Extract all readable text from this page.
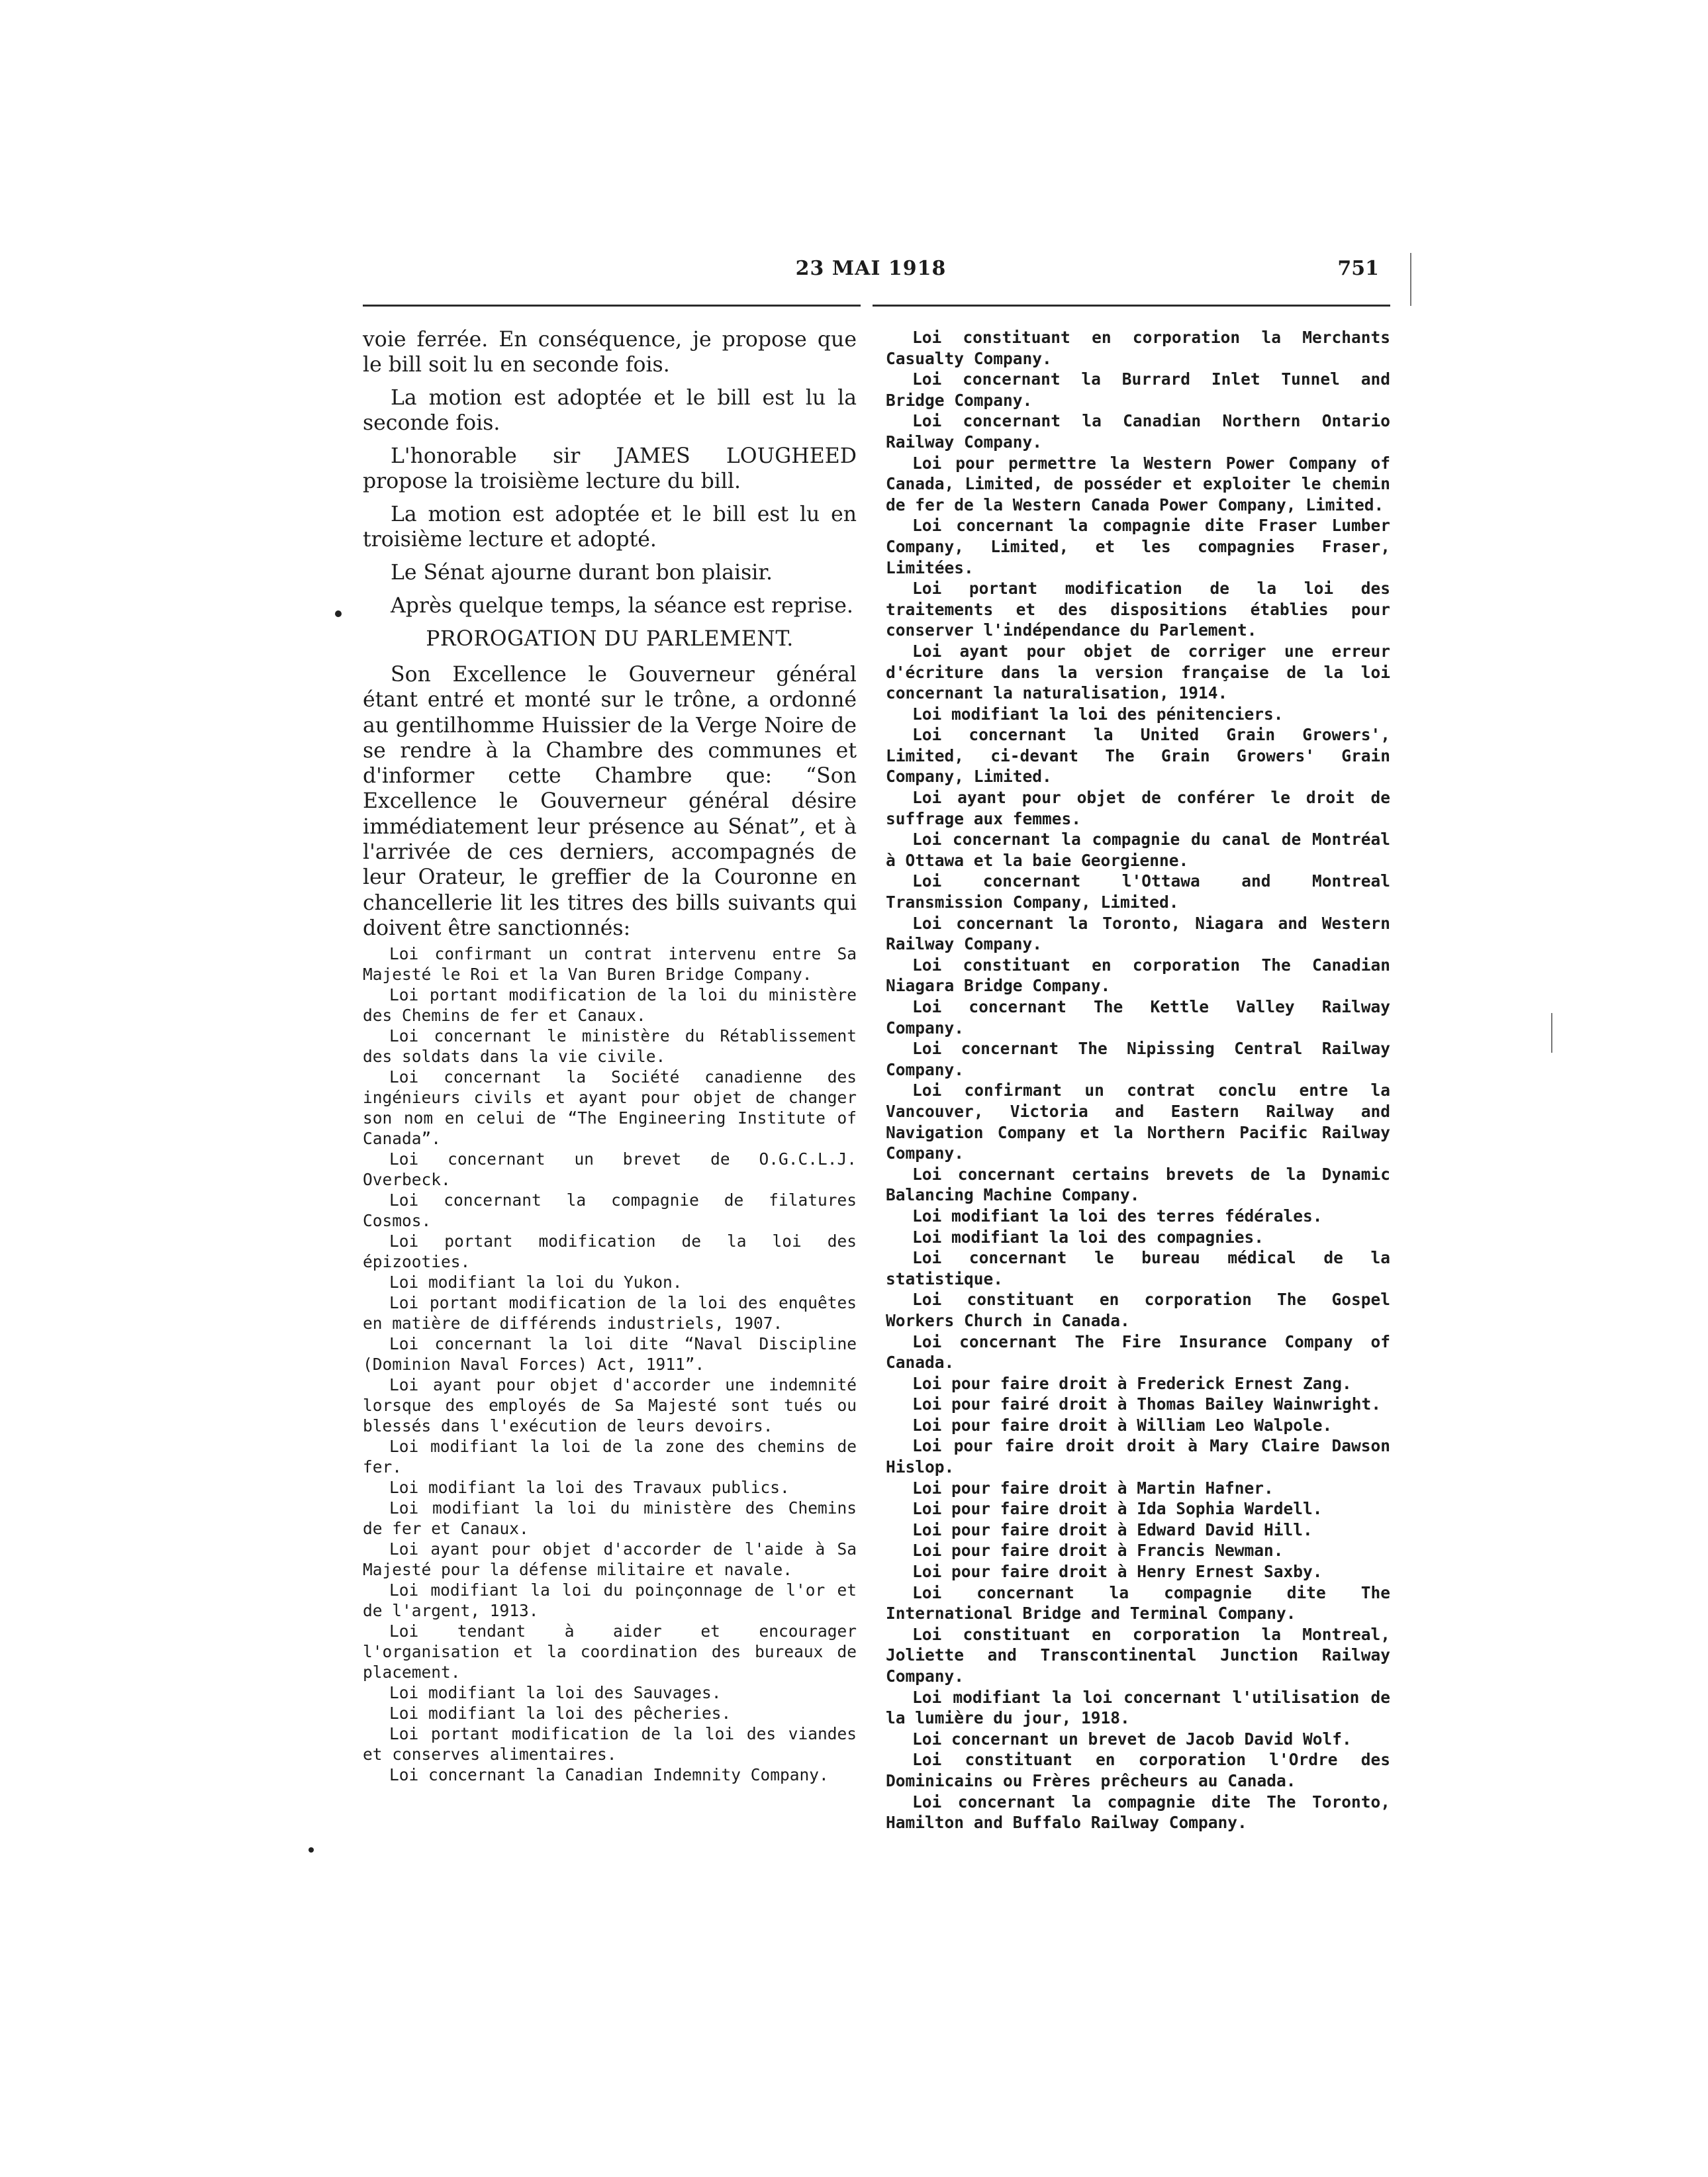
23 MAI 1918	751

voie ferrée. En conséquence, je propose que le bill soit lu en seconde fois.

La motion est adoptée et le bill est lu la seconde fois.

L'honorable sir JAMES LOUGHEED propose la troisième lecture du bill.

La motion est adoptée et le bill est lu en troisième lecture et adopté.

Le Sénat ajourne durant bon plaisir.

Après quelque temps, la séance est reprise.

PROROGATION DU PARLEMENT.

Son Excellence le Gouverneur général étant entré et monté sur le trône, a ordonné au gentilhomme Huissier de la Verge Noire de se rendre à la Chambre des communes et d'informer cette Chambre que: “Son Excellence le Gouverneur général désire immédiatement leur présence au Sénat”, et à l'arrivée de ces derniers, accompagnés de leur Orateur, le greffier de la Couronne en chancellerie lit les titres des bills suivants qui doivent être sanctionnés:

Loi confirmant un contrat intervenu entre Sa Majesté le Roi et la Van Buren Bridge Company.

Loi portant modification de la loi du ministère des Chemins de fer et Canaux.

Loi concernant le ministère du Rétablissement des soldats dans la vie civile.

Loi concernant la Société canadienne des ingénieurs civils et ayant pour objet de changer son nom en celui de “The Engineering Institute of Canada”.

Loi concernant un brevet de O.G.C.L.J. Overbeck.

Loi concernant la compagnie de filatures Cosmos.

Loi portant modification de la loi des épizooties.

Loi modifiant la loi du Yukon.

Loi portant modification de la loi des enquêtes en matière de différends industriels, 1907.

Loi concernant la loi dite “Naval Discipline (Dominion Naval Forces) Act, 1911”.

Loi ayant pour objet d'accorder une indemnité lorsque des employés de Sa Majesté sont tués ou blessés dans l'exécution de leurs devoirs.

Loi modifiant la loi de la zone des chemins de fer.

Loi modifiant la loi des Travaux publics.

Loi modifiant la loi du ministère des Chemins de fer et Canaux.

Loi ayant pour objet d'accorder de l'aide à Sa Majesté pour la défense militaire et navale.

Loi modifiant la loi du poinçonnage de l'or et de l'argent, 1913.

Loi tendant à aider et encourager l'organisation et la coordination des bureaux de placement.

Loi modifiant la loi des Sauvages.

Loi modifiant la loi des pêcheries.

Loi portant modification de la loi des viandes et conserves alimentaires.

Loi concernant la Canadian Indemnity Company.

Loi constituant en corporation la Merchants Casualty Company.

Loi concernant la Burrard Inlet Tunnel and Bridge Company.

Loi concernant la Canadian Northern Ontario Railway Company.

Loi pour permettre la Western Power Company of Canada, Limited, de posséder et exploiter le chemin de fer de la Western Canada Power Company, Limited.

Loi concernant la compagnie dite Fraser Lumber Company, Limited, et les compagnies Fraser, Limitées.

Loi portant modification de la loi des traitements et des dispositions établies pour conserver l'indépendance du Parlement.

Loi ayant pour objet de corriger une erreur d'écriture dans la version française de la loi concernant la naturalisation, 1914.

Loi modifiant la loi des pénitenciers.

Loi concernant la United Grain Growers', Limited, ci-devant The Grain Growers' Grain Company, Limited.

Loi ayant pour objet de conférer le droit de suffrage aux femmes.

Loi concernant la compagnie du canal de Montréal à Ottawa et la baie Georgienne.

Loi concernant l'Ottawa and Montreal Transmission Company, Limited.

Loi concernant la Toronto, Niagara and Western Railway Company.

Loi constituant en corporation The Canadian Niagara Bridge Company.

Loi concernant The Kettle Valley Railway Company.

Loi concernant The Nipissing Central Railway Company.

Loi confirmant un contrat conclu entre la Vancouver, Victoria and Eastern Railway and Navigation Company et la Northern Pacific Railway Company.

Loi concernant certains brevets de la Dynamic Balancing Machine Company.

Loi modifiant la loi des terres fédérales.

Loi modifiant la loi des compagnies.

Loi concernant le bureau médical de la statistique.

Loi constituant en corporation The Gospel Workers Church in Canada.

Loi concernant The Fire Insurance Company of Canada.

Loi pour faire droit à Frederick Ernest Zang.

Loi pour fairé droit à Thomas Bailey Wainwright.

Loi pour faire droit à William Leo Walpole.

Loi pour faire droit droit à Mary Claire Dawson Hislop.

Loi pour faire droit à Martin Hafner.

Loi pour faire droit à Ida Sophia Wardell.

Loi pour faire droit à Edward David Hill.

Loi pour faire droit à Francis Newman.

Loi pour faire droit à Henry Ernest Saxby.

Loi concernant la compagnie dite The International Bridge and Terminal Company.

Loi constituant en corporation la Montreal, Joliette and Transcontinental Junction Railway Company.

Loi modifiant la loi concernant l'utilisation de la lumière du jour, 1918.

Loi concernant un brevet de Jacob David Wolf.

Loi constituant en corporation l'Ordre des Dominicains ou Frères prêcheurs au Canada.

Loi concernant la compagnie dite The Toronto, Hamilton and Buffalo Railway Company.
